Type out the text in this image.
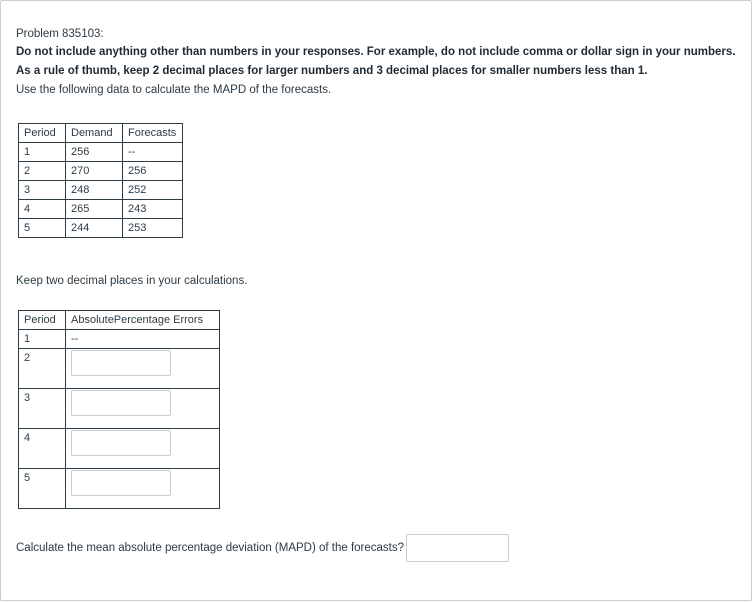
Problem 835103:
Do not include anything other than numbers in your responses. For example, do not include comma or dollar sign in your numbers. As a rule of thumb, keep 2 decimal places for larger numbers and 3 decimal places for smaller numbers less than 1.
Use the following data to calculate the MAPD of the forecasts.
Period	Demand	Forecasts
1	256	--
2	270	256
3	248	252
4	265	243
5	244	253
Keep two decimal places in your calculations.
Period	AbsolutePercentage Errors
1	--
2	

3	

4	

5	
Calculate the mean absolute percentage deviation (MAPD) of the forecasts?
